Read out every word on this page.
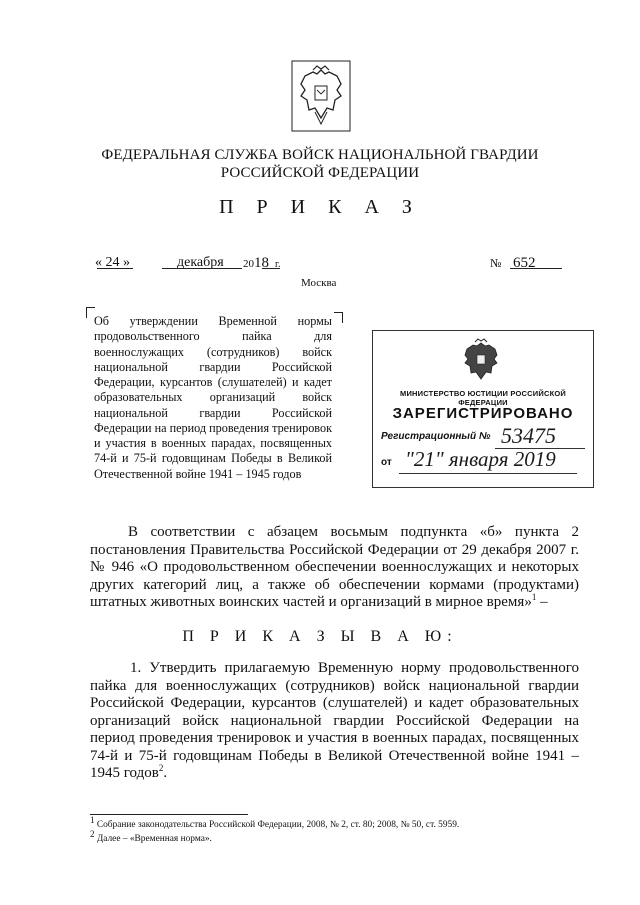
ФЕДЕРАЛЬНАЯ СЛУЖБА ВОЙСК НАЦИОНАЛЬНОЙ ГВАРДИИ
РОССИЙСКОЙ ФЕДЕРАЦИИ
П Р И К А З
« 24 »	декабря 2018 г.	№ 652
Москва
Об утверждении Временной нормы продовольственного пайка для военнослужащих (сотрудников) войск национальной гвардии Российской Федерации, курсантов (слушателей) и кадет образовательных организаций войск национальной гвардии Российской Федерации на период проведения тренировок и участия в военных парадах, посвященных 74-й и 75-й годовщинам Победы в Великой Отечественной войне 1941 – 1945 годов
МИНИСТЕРСТВО ЮСТИЦИИ РОССИЙСКОЙ ФЕДЕРАЦИИ
ЗАРЕГИСТРИРОВАНО
Регистрационный № 53475
от "21" января 2019
В соответствии с абзацем восьмым подпункта «б» пункта 2 постановления Правительства Российской Федерации от 29 декабря 2007 г. № 946 «О продовольственном обеспечении военнослужащих и некоторых других категорий лиц, а также об обеспечении кормами (продуктами) штатных животных воинских частей и организаций в мирное время»$^1$ –
П Р И К А З Ы В А Ю:
1. Утвердить прилагаемую Временную норму продовольственного пайка для военнослужащих (сотрудников) войск национальной гвардии Российской Федерации, курсантов (слушателей) и кадет образовательных организаций войск национальной гвардии Российской Федерации на период проведения тренировок и участия в военных парадах, посвященных 74-й и 75-й годовщинам Победы в Великой Отечественной войне 1941 – 1945 годов$^2$.
$^1$ Собрание законодательства Российской Федерации, 2008, № 2, ст. 80; 2008, № 50, ст. 5959.
$^2$ Далее – «Временная норма».
